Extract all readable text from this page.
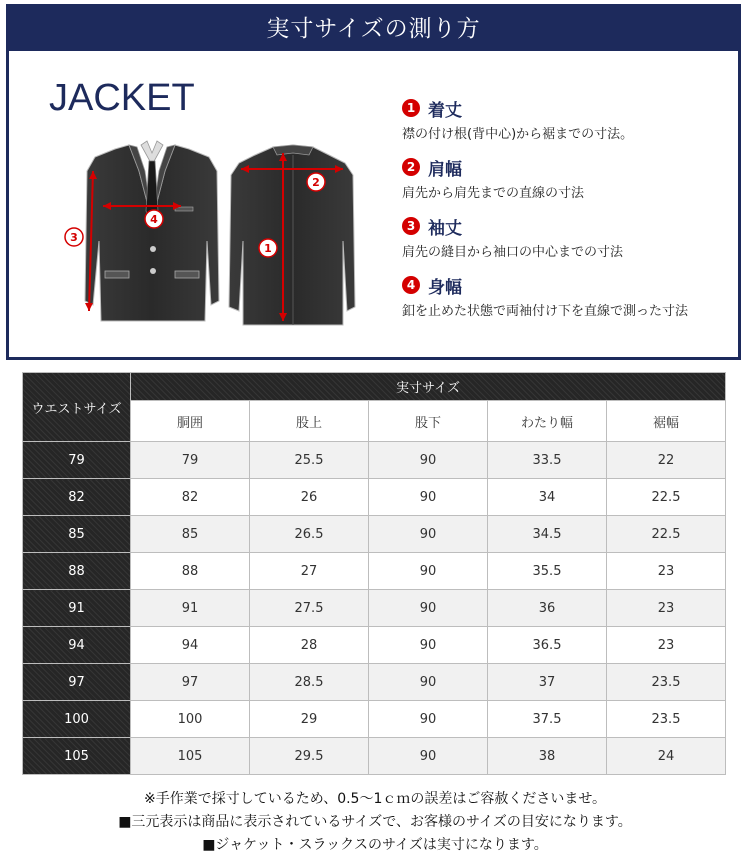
実寸サイズの測り方
JACKET
3
4
2
1
1 着丈
襟の付け根(背中心)から裾までの寸法。
2 肩幅
肩先から肩先までの直線の寸法
3 袖丈
肩先の縫目から袖口の中心までの寸法
4 身幅
釦を止めた状態で両袖付け下を直線で測った寸法
ウエストサイズ	実寸サイズ				
	胴囲	股上	股下	わたり幅	裾幅
79	79	25.5	90	33.5	22
82	82	26	90	34	22.5
85	85	26.5	90	34.5	22.5
88	88	27	90	35.5	23
91	91	27.5	90	36	23
94	94	28	90	36.5	23
97	97	28.5	90	37	23.5
100	100	29	90	37.5	23.5
105	105	29.5	90	38	24
※手作業で採寸しているため、0.5～1ｃｍの誤差はご容赦くださいませ。
■三元表示は商品に表示されているサイズで、お客様のサイズの目安になります。
■ジャケット・スラックスのサイズは実寸になります。
